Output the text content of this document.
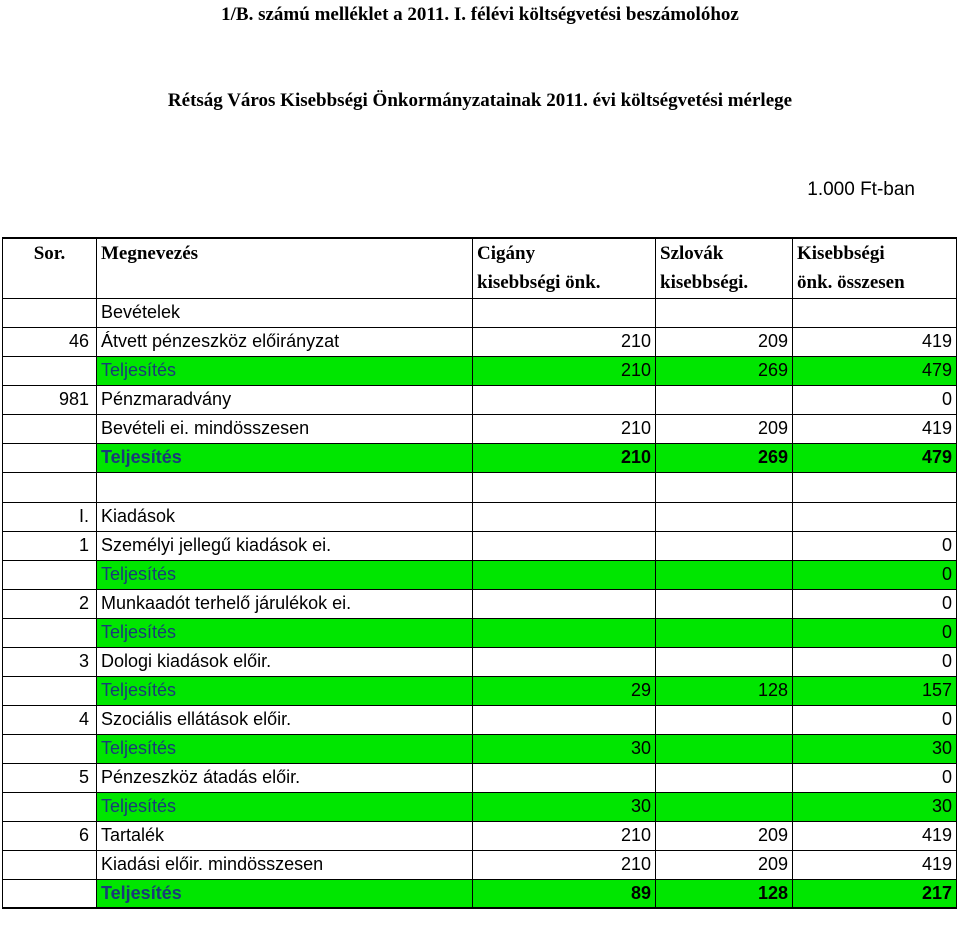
1/B. számú melléklet a 2011. I. félévi költségvetési beszámolóhoz
Rétság Város Kisebbségi Önkormányzatainak 2011. évi költségvetési mérlege
1.000 Ft-ban
Sor.	Megnevezés	Cigány	Szlovák	Kisebbségi
		kisebbségi önk.	kisebbségi.	önk. összesen
	Bevételek			
46	Átvett pénzeszköz előirányzat	210	209	419
	Teljesítés	210	269	479
981	Pénzmaradvány			0
	Bevételi ei. mindösszesen	210	209	419
	Teljesítés	210	269	479

I.	Kiadások			
1	Személyi jellegű kiadások ei.			0
	Teljesítés			0
2	Munkaadót terhelő járulékok ei.			0
	Teljesítés			0
3	Dologi kiadások előir.			0
	Teljesítés	29	128	157
4	Szociális ellátások előir.			0
	Teljesítés	30		30
5	Pénzeszköz átadás előir.			0
	Teljesítés	30		30
6	Tartalék	210	209	419
	Kiadási előir. mindösszesen	210	209	419
	Teljesítés	89	128	217
